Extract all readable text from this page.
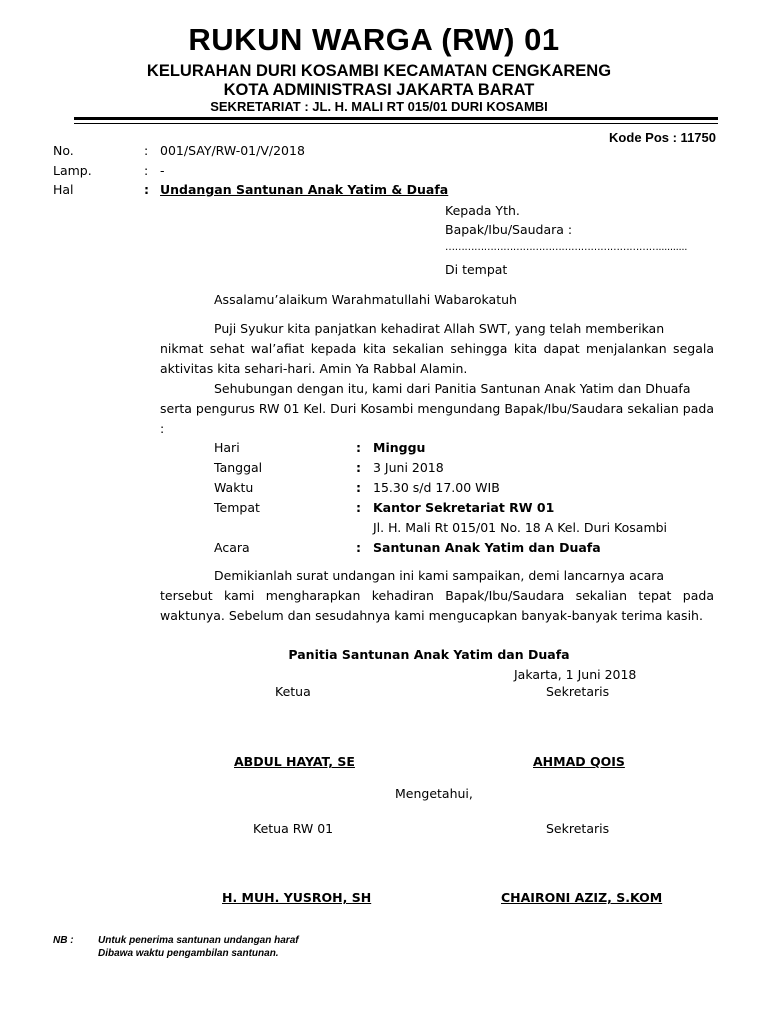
RUKUN WARGA (RW) 01
KELURAHAN DURI KOSAMBI KECAMATAN CENGKARENG
KOTA ADMINISTRASI JAKARTA BARAT
SEKRETARIAT : JL. H. MALI RT 015/01 DURI KOSAMBI
Kode Pos : 11750
No.	: 001/SAY/RW-01/V/2018
Lamp.	: -
Hal	: Undangan Santunan Anak Yatim & Duafa
Kepada Yth.
Bapak/Ibu/Saudara :
…………………………………………………………..........
Di tempat
Assalamu’alaikum Warahmatullahi Wabarokatuh
Puji Syukur kita panjatkan kehadirat Allah SWT, yang telah memberikan
nikmat sehat wal’afiat kepada kita sekalian sehingga kita dapat menjalankan segala aktivitas kita sehari-hari. Amin Ya Rabbal Alamin.
Sehubungan dengan itu, kami dari Panitia Santunan Anak Yatim dan Dhuafa
serta pengurus RW 01 Kel. Duri Kosambi mengundang Bapak/Ibu/Saudara sekalian pada :
Hari	: Minggu
Tanggal	: 3 Juni 2018
Waktu	: 15.30 s/d 17.00 WIB
Tempat	: Kantor Sekretariat RW 01
Jl. H. Mali Rt 015/01 No. 18 A Kel. Duri Kosambi
Acara	: Santunan Anak Yatim dan Duafa
Demikianlah surat undangan ini kami sampaikan, demi lancarnya acara
tersebut kami mengharapkan kehadiran Bapak/Ibu/Saudara sekalian tepat pada waktunya. Sebelum dan sesudahnya kami mengucapkan banyak-banyak terima kasih.
Panitia Santunan Anak Yatim dan Duafa
Jakarta, 1 Juni 2018
Ketua	Sekretaris
ABDUL HAYAT, SE	AHMAD QOIS
Mengetahui,
Ketua RW 01	Sekretaris
H. MUH. YUSROH, SH	CHAIRONI AZIZ, S.KOM
NB : Untuk penerima santunan undangan haraf
Dibawa waktu pengambilan santunan.
